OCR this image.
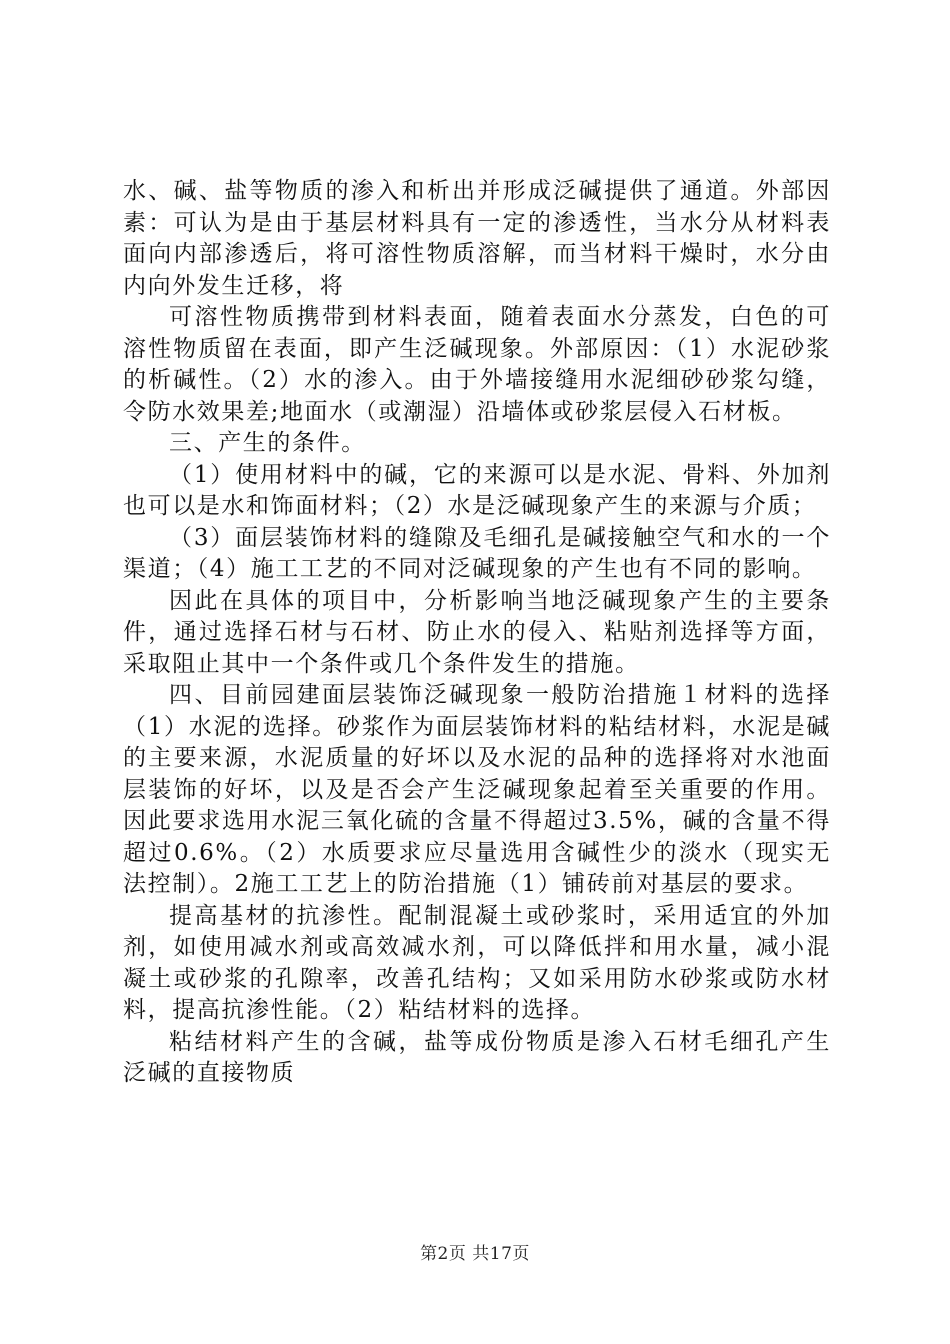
水、碱、盐等物质的渗入和析出并形成泛碱提供了通道。外部因素：可认为是由于基层材料具有一定的渗透性，当水分从材料表面向内部渗透后，将可溶性物质溶解，而当材料干燥时，水分由内向外发生迁移，将

可溶性物质携带到材料表面，随着表面水分蒸发，白色的可溶性物质留在表面，即产生泛碱现象。外部原因：（1）水泥砂浆的析碱性。（2）水的渗入。由于外墙接缝用水泥细砂砂浆勾缝，令防水效果差;地面水（或潮湿）沿墙体或砂浆层侵入石材板。

三、产生的条件。

（1）使用材料中的碱，它的来源可以是水泥、骨料、外加剂也可以是水和饰面材料；（2）水是泛碱现象产生的来源与介质；

（3）面层装饰材料的缝隙及毛细孔是碱接触空气和水的一个渠道；（4）施工工艺的不同对泛碱现象的产生也有不同的影响。

因此在具体的项目中，分析影响当地泛碱现象产生的主要条件，通过选择石材与石材、防止水的侵入、粘贴剂选择等方面，采取阻止其中一个条件或几个条件发生的措施。

四、目前园建面层装饰泛碱现象一般防治措施１材料的选择（1）水泥的选择。砂浆作为面层装饰材料的粘结材料，水泥是碱的主要来源，水泥质量的好坏以及水泥的品种的选择将对水池面层装饰的好坏，以及是否会产生泛碱现象起着至关重要的作用。因此要求选用水泥三氧化硫的含量不得超过3.5%，碱的含量不得超过0.6%。（2）水质要求应尽量选用含碱性少的淡水（现实无法控制）。2施工工艺上的防治措施（1）铺砖前对基层的要求。

提高基材的抗渗性。配制混凝土或砂浆时，采用适宜的外加剂，如使用减水剂或高效减水剂，可以降低拌和用水量，减小混凝土或砂浆的孔隙率，改善孔结构；又如采用防水砂浆或防水材料，提高抗渗性能。（2）粘结材料的选择。

粘结材料产生的含碱，盐等成份物质是渗入石材毛细孔产生泛碱的直接物质

第2页 共17页
